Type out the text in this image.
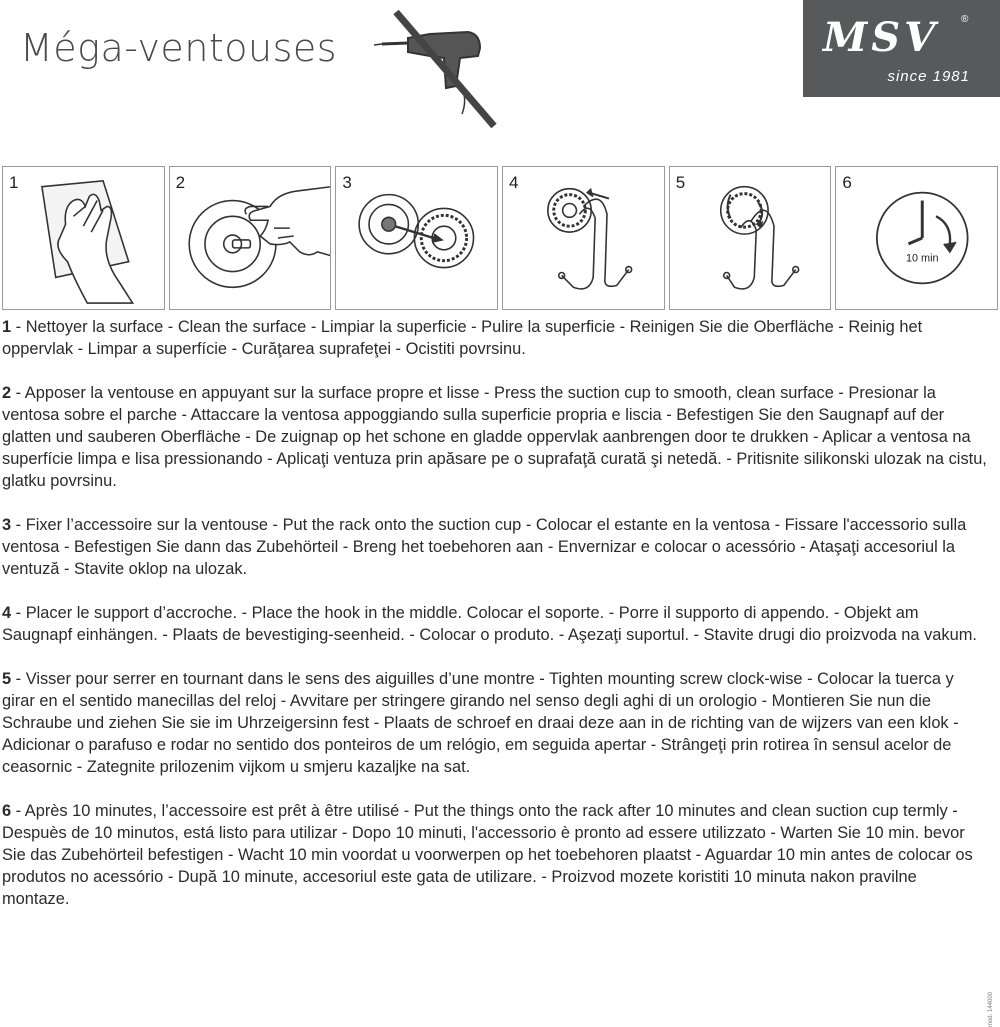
Méga-ventouses	MSV ®
since 1981
1	2	3	4	5	6
10 min

1 - Nettoyer la surface - Clean the surface - Limpiar la superficie - Pulire la superficie - Reinigen Sie die Oberfläche - Reinig het oppervlak - Limpar a superfície - Curăţarea suprafeţei - Ocistiti povrsinu.

2 - Apposer la ventouse en appuyant sur la surface propre et lisse - Press the suction cup to smooth, clean surface - Presionar la ventosa sobre el parche - Attaccare la ventosa appoggiando sulla superficie propria e liscia - Befestigen Sie den Saugnapf auf der glatten und sauberen Oberfläche - De zuignap op het schone en gladde oppervlak aanbrengen door te drukken - Aplicar a ventosa na superfície limpa e lisa pressionando - Aplicaţi ventuza prin apăsare pe o suprafaţă curată şi netedă. - Pritisnite silikonski ulozak na cistu, glatku povrsinu.

3 - Fixer l’accessoire sur la ventouse - Put the rack onto the suction cup - Colocar el estante en la ventosa - Fissare l'accessorio sulla ventosa - Befestigen Sie dann das Zubehörteil - Breng het toebehoren aan - Envernizar e colocar o acessório - Ataşaţi accesoriul la ventuză - Stavite oklop na ulozak.

4 - Placer le support d’accroche. - Place the hook in the middle. Colocar el soporte. - Porre il supporto di appendo. - Objekt am Saugnapf einhängen. - Plaats de bevestiging-seenheid. - Colocar o produto. - Aşezaţi suportul. - Stavite drugi dio proizvoda na vakum.

5 - Visser pour serrer en tournant dans le sens des aiguilles d’une montre - Tighten mounting screw clock-wise - Colocar la tuerca y girar en el sentido manecillas del reloj - Avvitare per stringere girando nel senso degli aghi di un orologio - Montieren Sie nun die Schraube und ziehen Sie sie im Uhrzeigersinn fest - Plaats de schroef en draai deze aan in de richting van de wijzers van een klok - Adicionar o parafuso e rodar no sentido dos ponteiros de um relógio, em seguida apertar - Strângeţi prin rotirea în sensul acelor de ceasornic - Zategnite prilozenim vijkom u smjeru kazaljke na sat.

6 - Après 10 minutes, l’accessoire est prêt à être utilisé - Put the things onto the rack after 10 minutes and clean suction cup termly - Despuès de 10 minutos, está listo para utilizar - Dopo 10 minuti, l'accessorio è pronto ad essere utilizzato - Warten Sie 10 min. bevor Sie das Zubehörteil befestigen - Wacht 10 min voordat u voorwerpen op het toebehoren plaatst - Aguardar 10 min antes de colocar os produtos no acessório - După 10 minute, accesoriul este gata de utilizare. - Proizvod mozete koristiti 10 minuta nakon pravilne montaze.

mod. 144000
